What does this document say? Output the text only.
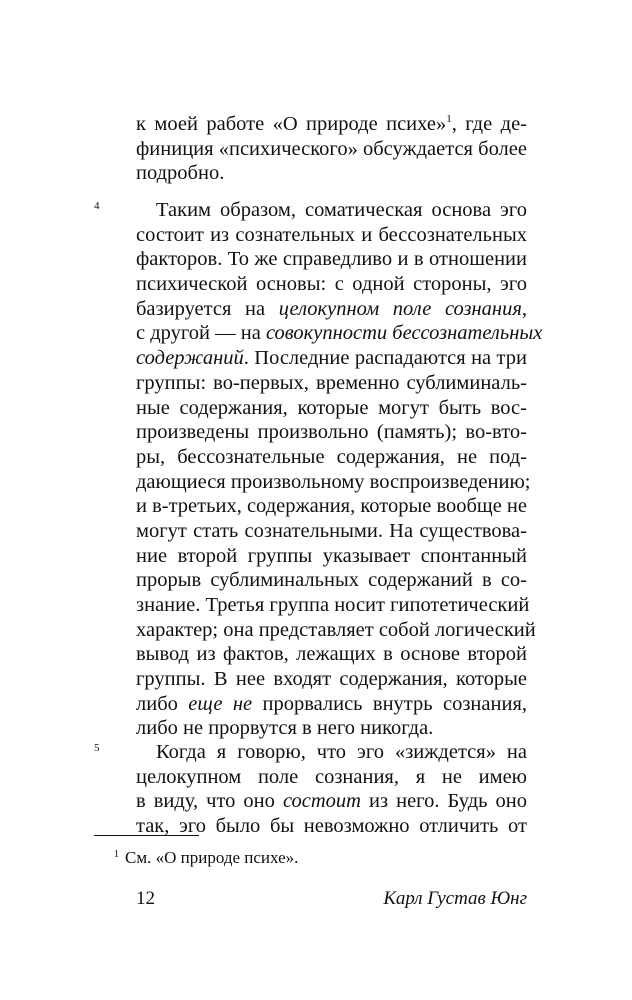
к моей работе «О природе психе»$^1$, где де-
финиция «психического» обсуждается более
подробно.
4	Таким образом, соматическая основа эго
состоит из сознательных и бессознательных
факторов. То же справедливо и в отношении
психической основы: с одной стороны, эго
базируется на целокупном поле сознания,
с другой — на совокупности бессознательных
содержаний. Последние распадаются на три
группы: во-первых, временно сублиминаль-
ные содержания, которые могут быть вос-
произведены произвольно (память); во-вто-
ры, бессознательные содержания, не под-
дающиеся произвольному воспроизведению;
и в-третьих, содержания, которые вообще не
могут стать сознательными. На существова-
ние второй группы указывает спонтанный
прорыв сублиминальных содержаний в со-
знание. Третья группа носит гипотетический
характер; она представляет собой логический
вывод из фактов, лежащих в основе второй
группы. В нее входят содержания, которые
либо еще не прорвались внутрь сознания,
либо не прорвутся в него никогда.
5	Когда я говорю, что эго «зиждется» на
целокупном поле сознания, я не имею
в виду, что оно состоит из него. Будь оно
так, эго было бы невозможно отличить от
$^1$ См. «О природе психе».
12	Карл Густав Юнг
